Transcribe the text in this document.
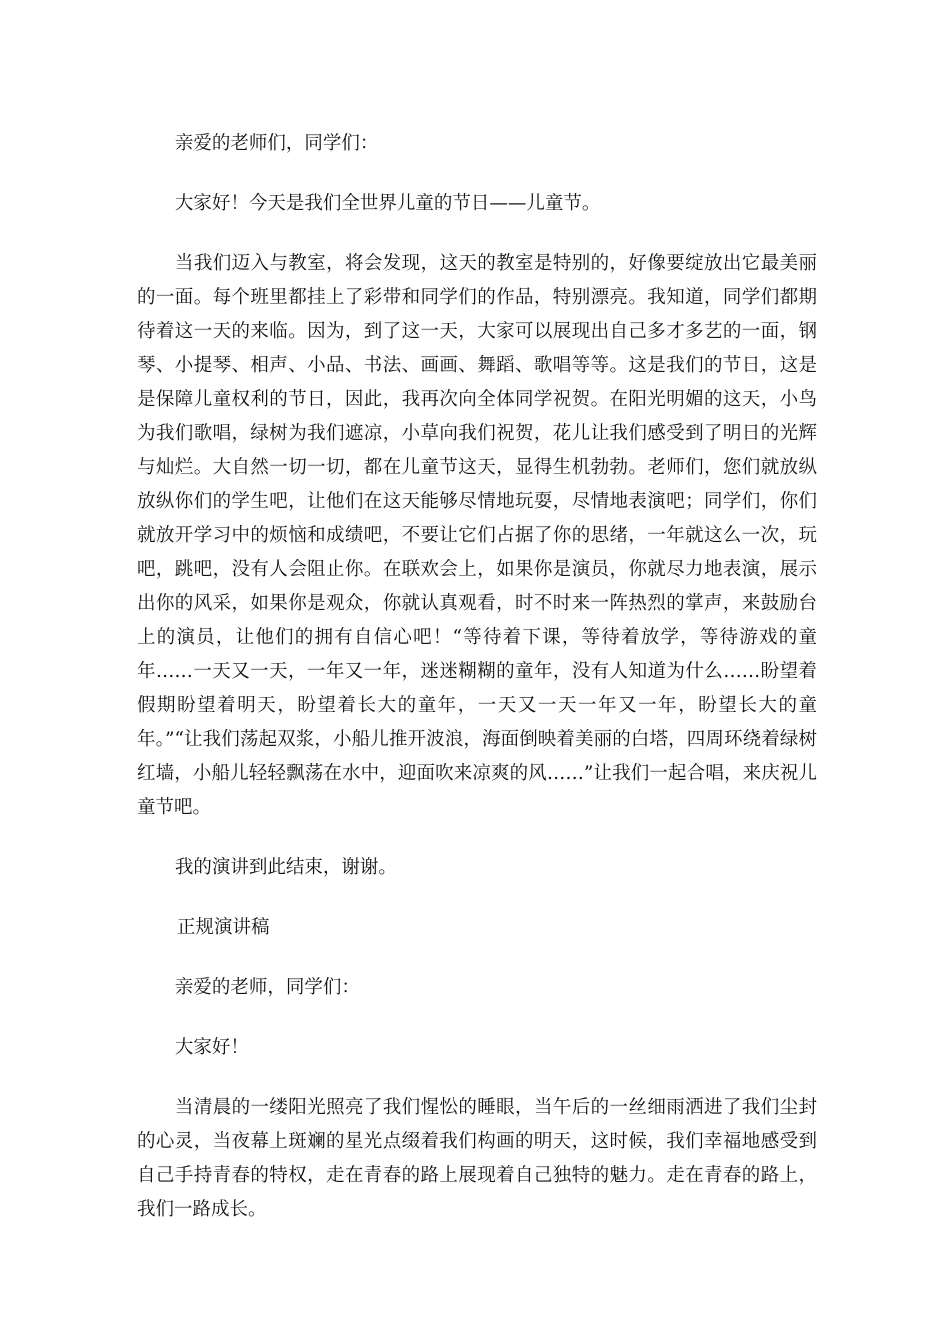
亲爱的老师们，同学们：

大家好！今天是我们全世界儿童的节日——儿童节。

当我们迈入与教室，将会发现，这天的教室是特别的，好像要绽放出它最美丽的一面。每个班里都挂上了彩带和同学们的作品，特别漂亮。我知道，同学们都期待着这一天的来临。因为，到了这一天，大家可以展现出自己多才多艺的一面，钢琴、小提琴、相声、小品、书法、画画、舞蹈、歌唱等等。这是我们的节日，这是是保障儿童权利的节日，因此，我再次向全体同学祝贺。在阳光明媚的这天，小鸟为我们歌唱，绿树为我们遮凉，小草向我们祝贺，花儿让我们感受到了明日的光辉与灿烂。大自然一切一切，都在儿童节这天，显得生机勃勃。老师们，您们就放纵放纵你们的学生吧，让他们在这天能够尽情地玩耍，尽情地表演吧；同学们，你们就放开学习中的烦恼和成绩吧，不要让它们占据了你的思绪，一年就这么一次，玩吧，跳吧，没有人会阻止你。在联欢会上，如果你是演员，你就尽力地表演，展示出你的风采，如果你是观众，你就认真观看，时不时来一阵热烈的掌声，来鼓励台上的演员，让他们的拥有自信心吧！“等待着下课，等待着放学，等待游戏的童年……一天又一天，一年又一年，迷迷糊糊的童年，没有人知道为什么……盼望着假期盼望着明天，盼望着长大的童年，一天又一天一年又一年，盼望长大的童年。”“让我们荡起双浆，小船儿推开波浪，海面倒映着美丽的白塔，四周环绕着绿树红墙，小船儿轻轻飘荡在水中，迎面吹来凉爽的风……”让我们一起合唱，来庆祝儿童节吧。

我的演讲到此结束，谢谢。

正规演讲稿

亲爱的老师，同学们：

大家好！

当清晨的一缕阳光照亮了我们惺忪的睡眼，当午后的一丝细雨洒进了我们尘封的心灵，当夜幕上斑斓的星光点缀着我们构画的明天，这时候，我们幸福地感受到自己手持青春的特权，走在青春的路上展现着自己独特的魅力。走在青春的路上，我们一路成长。
